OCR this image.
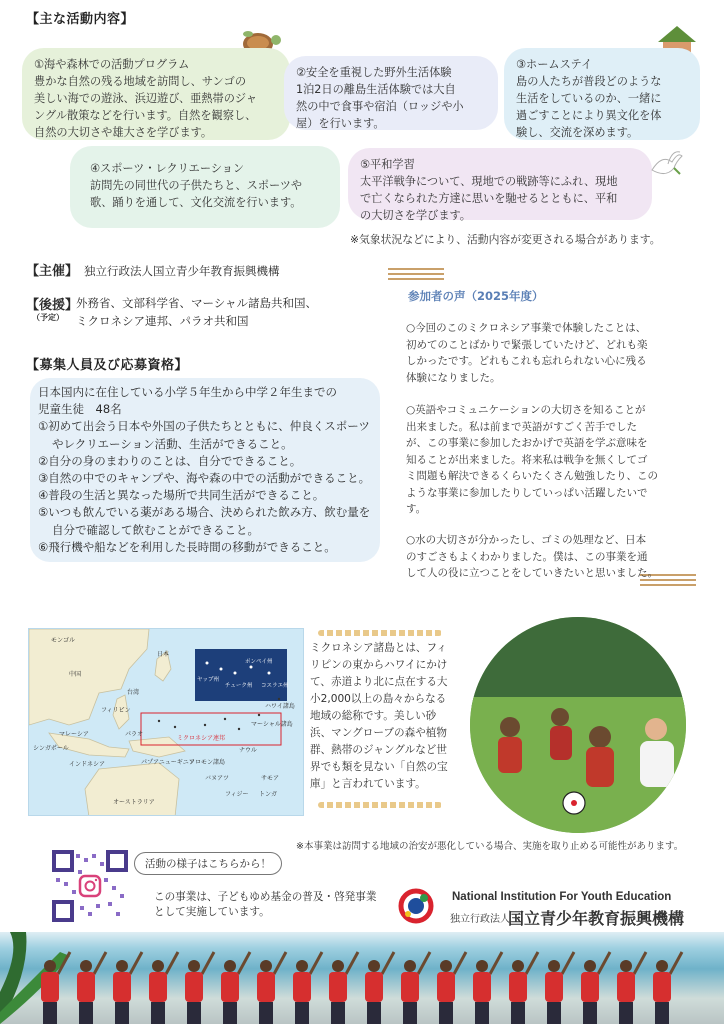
【主な活動内容】
①海や森林での活動プログラム
豊かな自然の残る地域を訪問し、サンゴの
美しい海での遊泳、浜辺遊び、亜熱帯のジャ
ングル散策などを行います。自然を観察し、
自然の大切さや雄大さを学びます。
②安全を重視した野外生活体験
1泊2日の離島生活体験では大自
然の中で食事や宿泊（ロッジや小
屋）を行います。
③ホームステイ
島の人たちが普段どのような
生活をしているのか、一緒に
過ごすことにより異文化を体
験し、交流を深めます。
④スポーツ・レクリエーション
訪問先の同世代の子供たちと、スポーツや
歌、踊りを通して、文化交流を行います。
⑤平和学習
太平洋戦争について、現地での戦跡等にふれ、現地
で亡くなられた方達に思いを馳せるとともに、平和
の大切さを学びます。
※気象状況などにより、活動内容が変更される場合があります。
【主催】 独立行政法人国立青少年教育振興機構
【後援】
（予定）
外務省、文部科学省、マーシャル諸島共和国、
ミクロネシア連邦、パラオ共和国
【募集人員及び応募資格】
日本国内に在住している小学５年生から中学２年生までの
児童生徒　48名
①初めて出会う日本や外国の子供たちとともに、仲良くスポーツやレクリエーション活動、生活ができること。
②自分の身のまわりのことは、自分でできること。
③自然の中でのキャンプや、海や森の中での活動ができること。
④普段の生活と異なった場所で共同生活ができること。
⑤いつも飲んでいる薬がある場合、決められた飲み方、飲む量を自分で確認して飲むことができること。
⑥飛行機や船などを利用した長時間の移動ができること。
参加者の声（2025年度）
○今回のこのミクロネシア事業で体験したことは、
初めてのことばかりで緊張していたけど、どれも楽
しかったです。どれもこれも忘れられない心に残る
体験になりました。
○英語やコミュニケーションの大切さを知ることが
出来ました。私は前まで英語がすごく苦手でした
が、この事業に参加したおかげで英語を学ぶ意味を
知ることが出来ました。将来私は戦争を無くしてゴ
ミ問題も解決できるくらいたくさん勉強したり、この
ような事業に参加したりしていっぱい活躍したいで
す。
○水の大切さが分かったし、ゴミの処理など、日本
のすごさもよくわかりました。僕は、この事業を通
して人の役に立つことをしていきたいと思いました。
モンゴル
中国
日本
台湾
フィリピン
マレーシア
シンガポール
インドネシア	パプアニューギニア
オーストラリア
パラオ
ミクロネシア連邦
マーシャル諸島
ナウル
ソロモン諸島
バヌアツ
フィジー トンガ
サモア
ハワイ諸島
ヤップ州
チューク州
ポンペイ州
コスラエ州
ミクロネシア諸島とは、フィ
リピンの東からハワイにかけ
て、赤道より北に点在する大
小2,000以上の島々からなる
地域の総称です。美しい砂
浜、マングローブの森や植物
群、熱帯のジャングルなど世
界でも類を見ない「自然の宝
庫」と言われています。
※本事業は訪問する地域の治安が悪化している場合、実施を取り止める可能性があります。
活動の様子はこちらから！
この事業は、子どもゆめ基金の普及・啓発事業
として実施しています。
National Institution For Youth Education
独立行政法人
国立青少年教育振興機構
